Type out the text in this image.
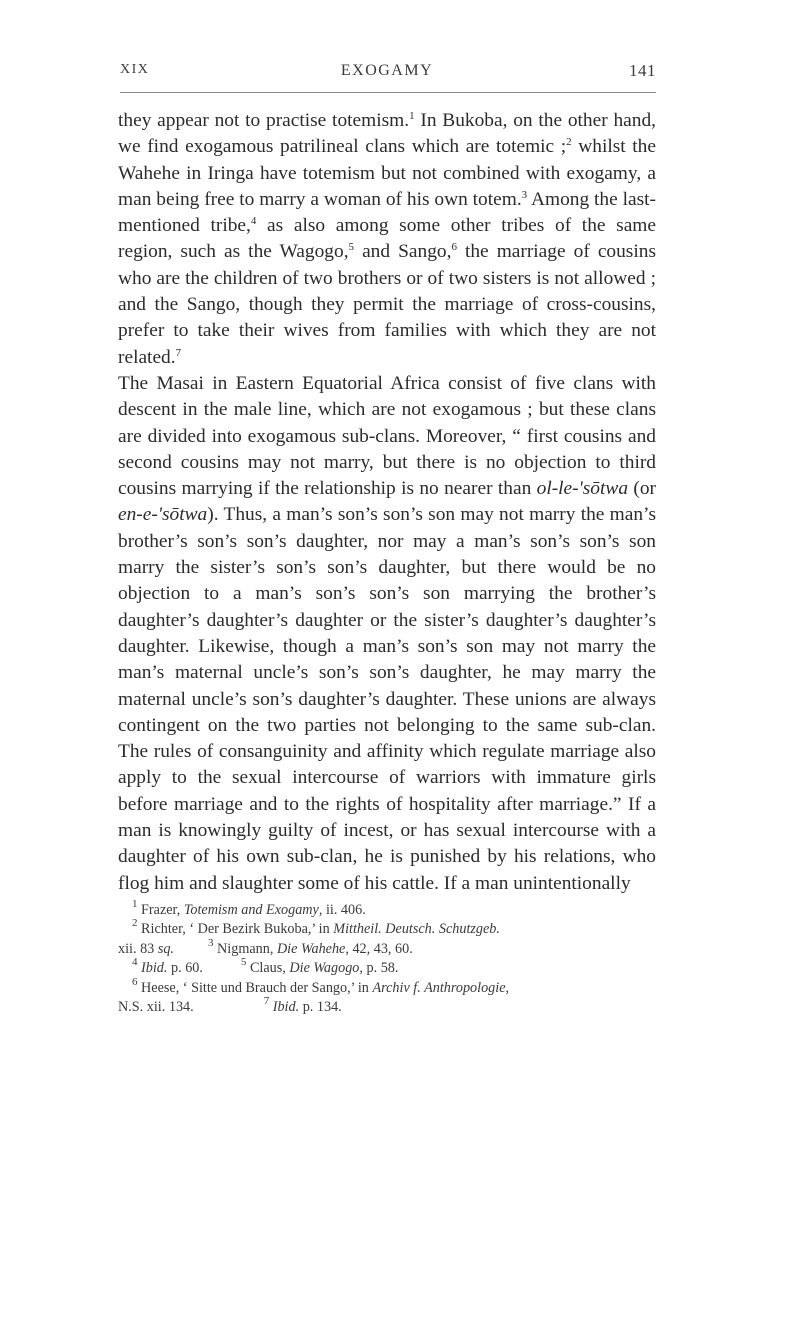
XIX	EXOGAMY	141

they appear not to practise totemism.$^1$ In Bukoba, on the other hand, we find exogamous patrilineal clans which are totemic ;$^2$ whilst the Wahehe in Iringa have totemism but not combined with exogamy, a man being free to marry a woman of his own totem.$^3$ Among the last-mentioned tribe,$^4$ as also among some other tribes of the same region, such as the Wagogo,$^5$ and Sango,$^6$ the marriage of cousins who are the children of two brothers or of two sisters is not allowed ; and the Sango, though they permit the marriage of cross-cousins, prefer to take their wives from families with which they are not related.$^7$

The Masai in Eastern Equatorial Africa consist of five clans with descent in the male line, which are not exogamous ; but these clans are divided into exogamous sub-clans. Moreover, “ first cousins and second cousins may not marry, but there is no objection to third cousins marrying if the relationship is no nearer than ol-le-'sōtwa (or en-e-'sōtwa). Thus, a man’s son’s son’s son may not marry the man’s brother’s son’s son’s daughter, nor may a man’s son’s son’s son marry the sister’s son’s son’s daughter, but there would be no objection to a man’s son’s son’s son marrying the brother’s daughter’s daughter’s daughter or the sister’s daughter’s daughter’s daughter. Likewise, though a man’s son’s son may not marry the man’s maternal uncle’s son’s son’s daughter, he may marry the maternal uncle’s son’s daughter’s daughter. These unions are always contingent on the two parties not belonging to the same sub-clan. The rules of consanguinity and affinity which regulate marriage also apply to the sexual intercourse of warriors with immature girls before marriage and to the rights of hospitality after marriage.” If a man is knowingly guilty of incest, or has sexual intercourse with a daughter of his own sub-clan, he is punished by his relations, who flog him and slaughter some of his cattle. If a man unintentionally

$^1$ Frazer, Totemism and Exogamy, ii. 406.
$^2$ Richter, ‘ Der Bezirk Bukoba,’ in Mittheil. Deutsch. Schutzgeb.
xii. 83 sq.	$^3$ Nigmann, Die Wahehe, 42, 43, 60.
$^4$ Ibid. p. 60.	$^5$ Claus, Die Wagogo, p. 58.
$^6$ Heese, ‘ Sitte und Brauch der Sango,’ in Archiv f. Anthropologie,
N.S. xii. 134.	$^7$ Ibid. p. 134.
